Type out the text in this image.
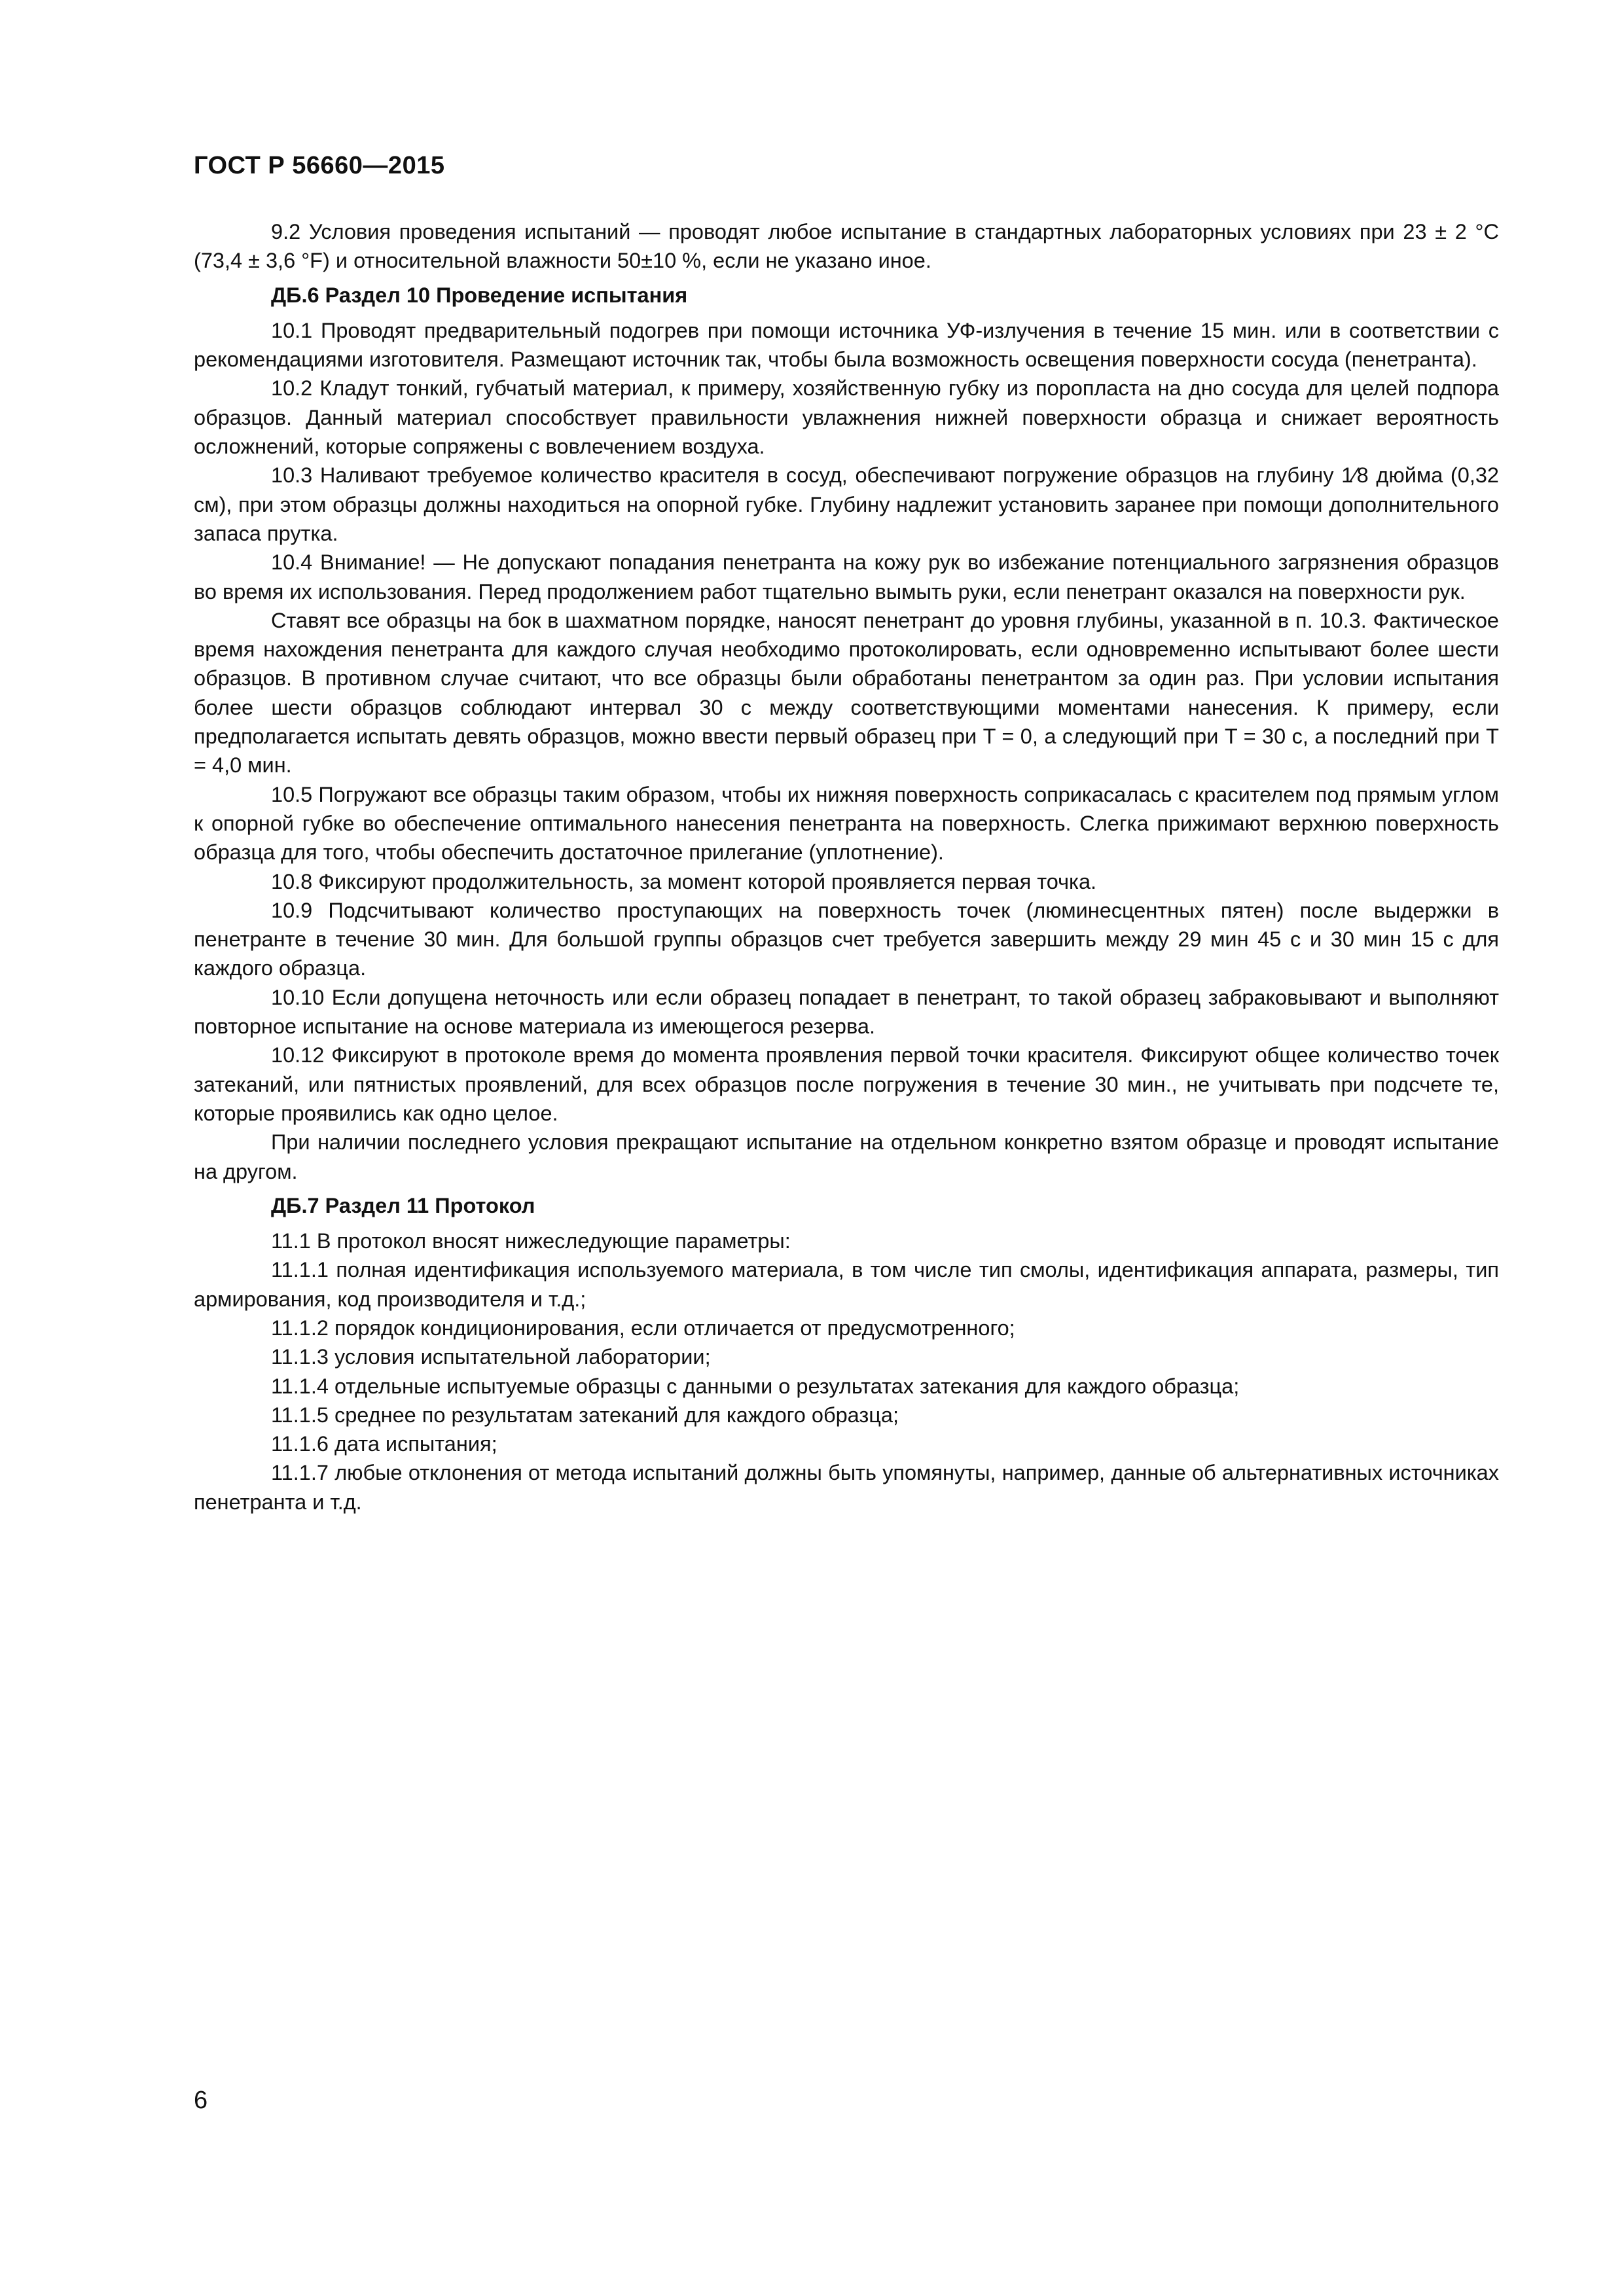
ГОСТ Р 56660—2015

9.2 Условия проведения испытаний — проводят любое испытание в стандартных лабораторных условиях при 23 ± 2 °С (73,4 ± 3,6 °F) и относительной влажности 50±10 %, если не указано иное.

ДБ.6 Раздел 10 Проведение испытания

10.1 Проводят предварительный подогрев при помощи источника УФ-излучения в течение 15 мин. или в соответствии с рекомендациями изготовителя. Размещают источник так, чтобы была возможность освещения поверхности сосуда (пенетранта).

10.2 Кладут тонкий, губчатый материал, к примеру, хозяйственную губку из поропласта на дно сосуда для целей подпора образцов. Данный материал способствует правильности увлажнения нижней поверхности образца и снижает вероятность осложнений, которые сопряжены с вовлечением воздуха.

10.3 Наливают требуемое количество красителя в сосуд, обеспечивают погружение образцов на глубину 1⁄8 дюйма (0,32 см), при этом образцы должны находиться на опорной губке. Глубину надлежит установить заранее при помощи дополнительного запаса прутка.

10.4 Внимание! — Не допускают попадания пенетранта на кожу рук во избежание потенциального загрязнения образцов во время их использования. Перед продолжением работ тщательно вымыть руки, если пенетрант оказался на поверхности рук.

Ставят все образцы на бок в шахматном порядке, наносят пенетрант до уровня глубины, указанной в п. 10.3. Фактическое время нахождения пенетранта для каждого случая необходимо протоколировать, если одновременно испытывают более шести образцов. В противном случае считают, что все образцы были обработаны пенетрантом за один раз. При условии испытания более шести образцов соблюдают интервал 30 с между соответствующими моментами нанесения. К примеру, если предполагается испытать девять образцов, можно ввести первый образец при T = 0, а следующий при T = 30 с, а последний при T = 4,0 мин.

10.5 Погружают все образцы таким образом, чтобы их нижняя поверхность соприкасалась с красителем под прямым углом к опорной губке во обеспечение оптимального нанесения пенетранта на поверхность. Слегка прижимают верхнюю поверхность образца для того, чтобы обеспечить достаточное прилегание (уплотнение).

10.8 Фиксируют продолжительность, за момент которой проявляется первая точка.

10.9 Подсчитывают количество проступающих на поверхность точек (люминесцентных пятен) после выдержки в пенетранте в течение 30 мин. Для большой группы образцов счет требуется завершить между 29 мин 45 с и 30 мин 15 с для каждого образца.

10.10 Если допущена неточность или если образец попадает в пенетрант, то такой образец забраковывают и выполняют повторное испытание на основе материала из имеющегося резерва.

10.12 Фиксируют в протоколе время до момента проявления первой точки красителя. Фиксируют общее количество точек затеканий, или пятнистых проявлений, для всех образцов после погружения в течение 30 мин., не учитывать при подсчете те, которые проявились как одно целое.

При наличии последнего условия прекращают испытание на отдельном конкретно взятом образце и проводят испытание на другом.

ДБ.7 Раздел 11 Протокол

11.1 В протокол вносят нижеследующие параметры:

11.1.1 полная идентификация используемого материала, в том числе тип смолы, идентификация аппарата, размеры, тип армирования, код производителя и т.д.;

11.1.2 порядок кондиционирования, если отличается от предусмотренного;

11.1.3 условия испытательной лаборатории;

11.1.4 отдельные испытуемые образцы с данными о результатах затекания для каждого образца;

11.1.5 среднее по результатам затеканий для каждого образца;

11.1.6 дата испытания;

11.1.7 любые отклонения от метода испытаний должны быть упомянуты, например, данные об альтернативных источниках пенетранта и т.д.

6
